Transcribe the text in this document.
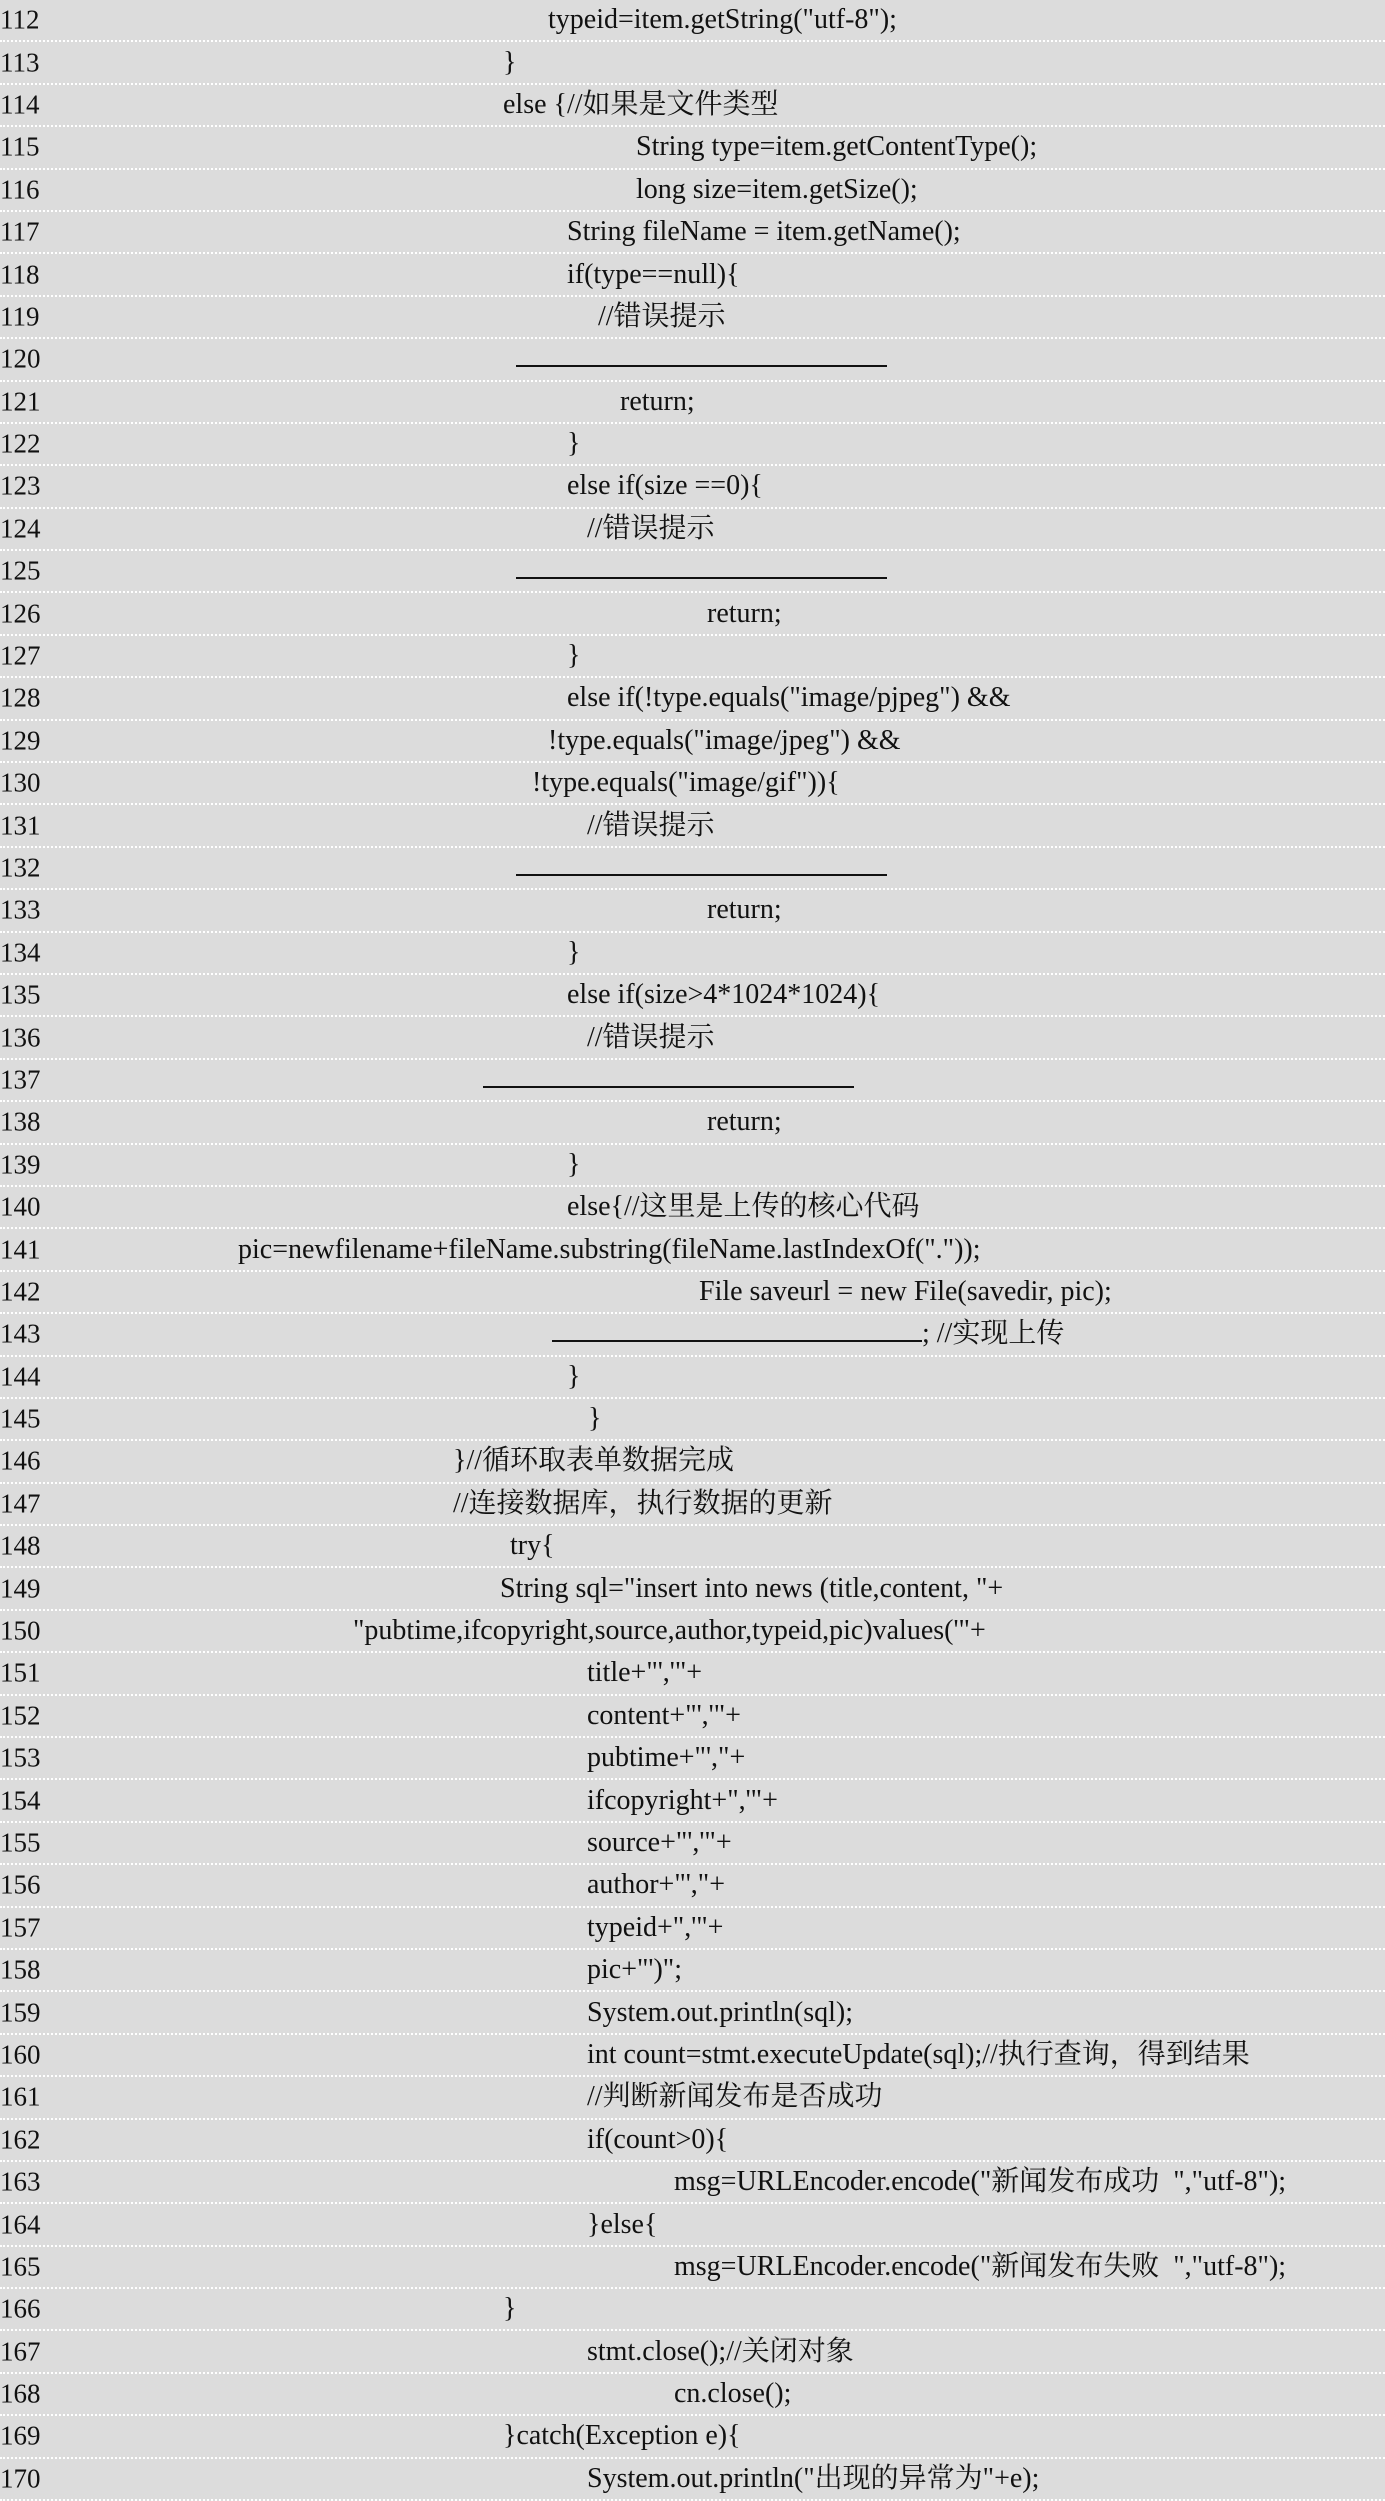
112	typeid=item.getString("utf-8");
113	}
114	else {//如果是文件类型
115	String type=item.getContentType();
116	long size=item.getSize();
117	String fileName = item.getName();
118	if(type==null){
119	//错误提示
120
121	return;
122	}
123	else if(size ==0){
124	//错误提示
125
126	return;
127	}
128	else if(!type.equals("image/pjpeg") &&
129	!type.equals("image/jpeg") &&
130	!type.equals("image/gif")){
131	//错误提示
132
133	return;
134	}
135	else if(size>4*1024*1024){
136	//错误提示
137
138	return;
139	}
140	else{//这里是上传的核心代码
141	pic=newfilename+fileName.substring(fileName.lastIndexOf("."));
142	File saveurl = new File(savedir, pic);
143	; //实现上传
144	}
145	}
146	}//循环取表单数据完成
147	//连接数据库，执行数据的更新
148	try{
149	String sql="insert into news (title,content, "+
150	"pubtime,ifcopyright,source,author,typeid,pic)values('"+
151	title+"','"+
152	content+"','"+
153	pubtime+"',"+
154	ifcopyright+",'"+
155	source+"','"+
156	author+"',"+
157	typeid+",'"+
158	pic+"')";
159	System.out.println(sql);
160	int count=stmt.executeUpdate(sql);//执行查询，得到结果
161	//判断新闻发布是否成功
162	if(count>0){
163	msg=URLEncoder.encode("新闻发布成功  ","utf-8");
164	}else{
165	msg=URLEncoder.encode("新闻发布失败  ","utf-8");
166	}
167	stmt.close();//关闭对象
168	cn.close();
169	}catch(Exception e){
170	System.out.println("出现的异常为"+e);
